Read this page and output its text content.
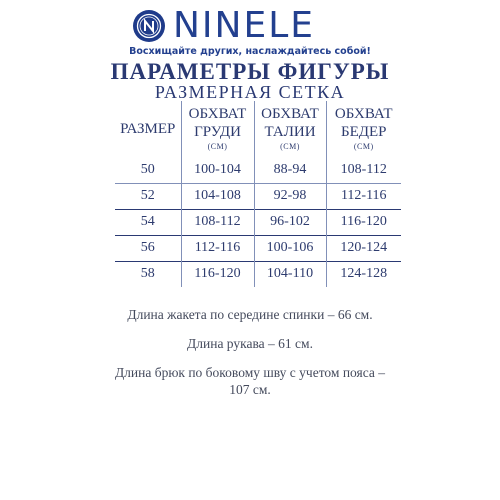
NINELE
Восхищайте других, наслаждайтесь собой!
ПАРАМЕТРЫ ФИГУРЫ
РАЗМЕРНАЯ СЕТКА
РАЗМЕР	ОБХВАТ
ГРУДИ
(СМ)	ОБХВАТ
ТАЛИИ
(СМ)	ОБХВАТ
БЕДЕР
(СМ)

50	100-104	88-94	108-112
52	104-108	92-98	112-116
54	108-112	96-102	116-120
56	112-116	100-106	120-124
58	116-120	104-110	124-128

Длина жакета по середине спинки – 66 см.

Длина рукава – 61 см.

Длина брюк по боковому шву с учетом пояса –

107 см.
